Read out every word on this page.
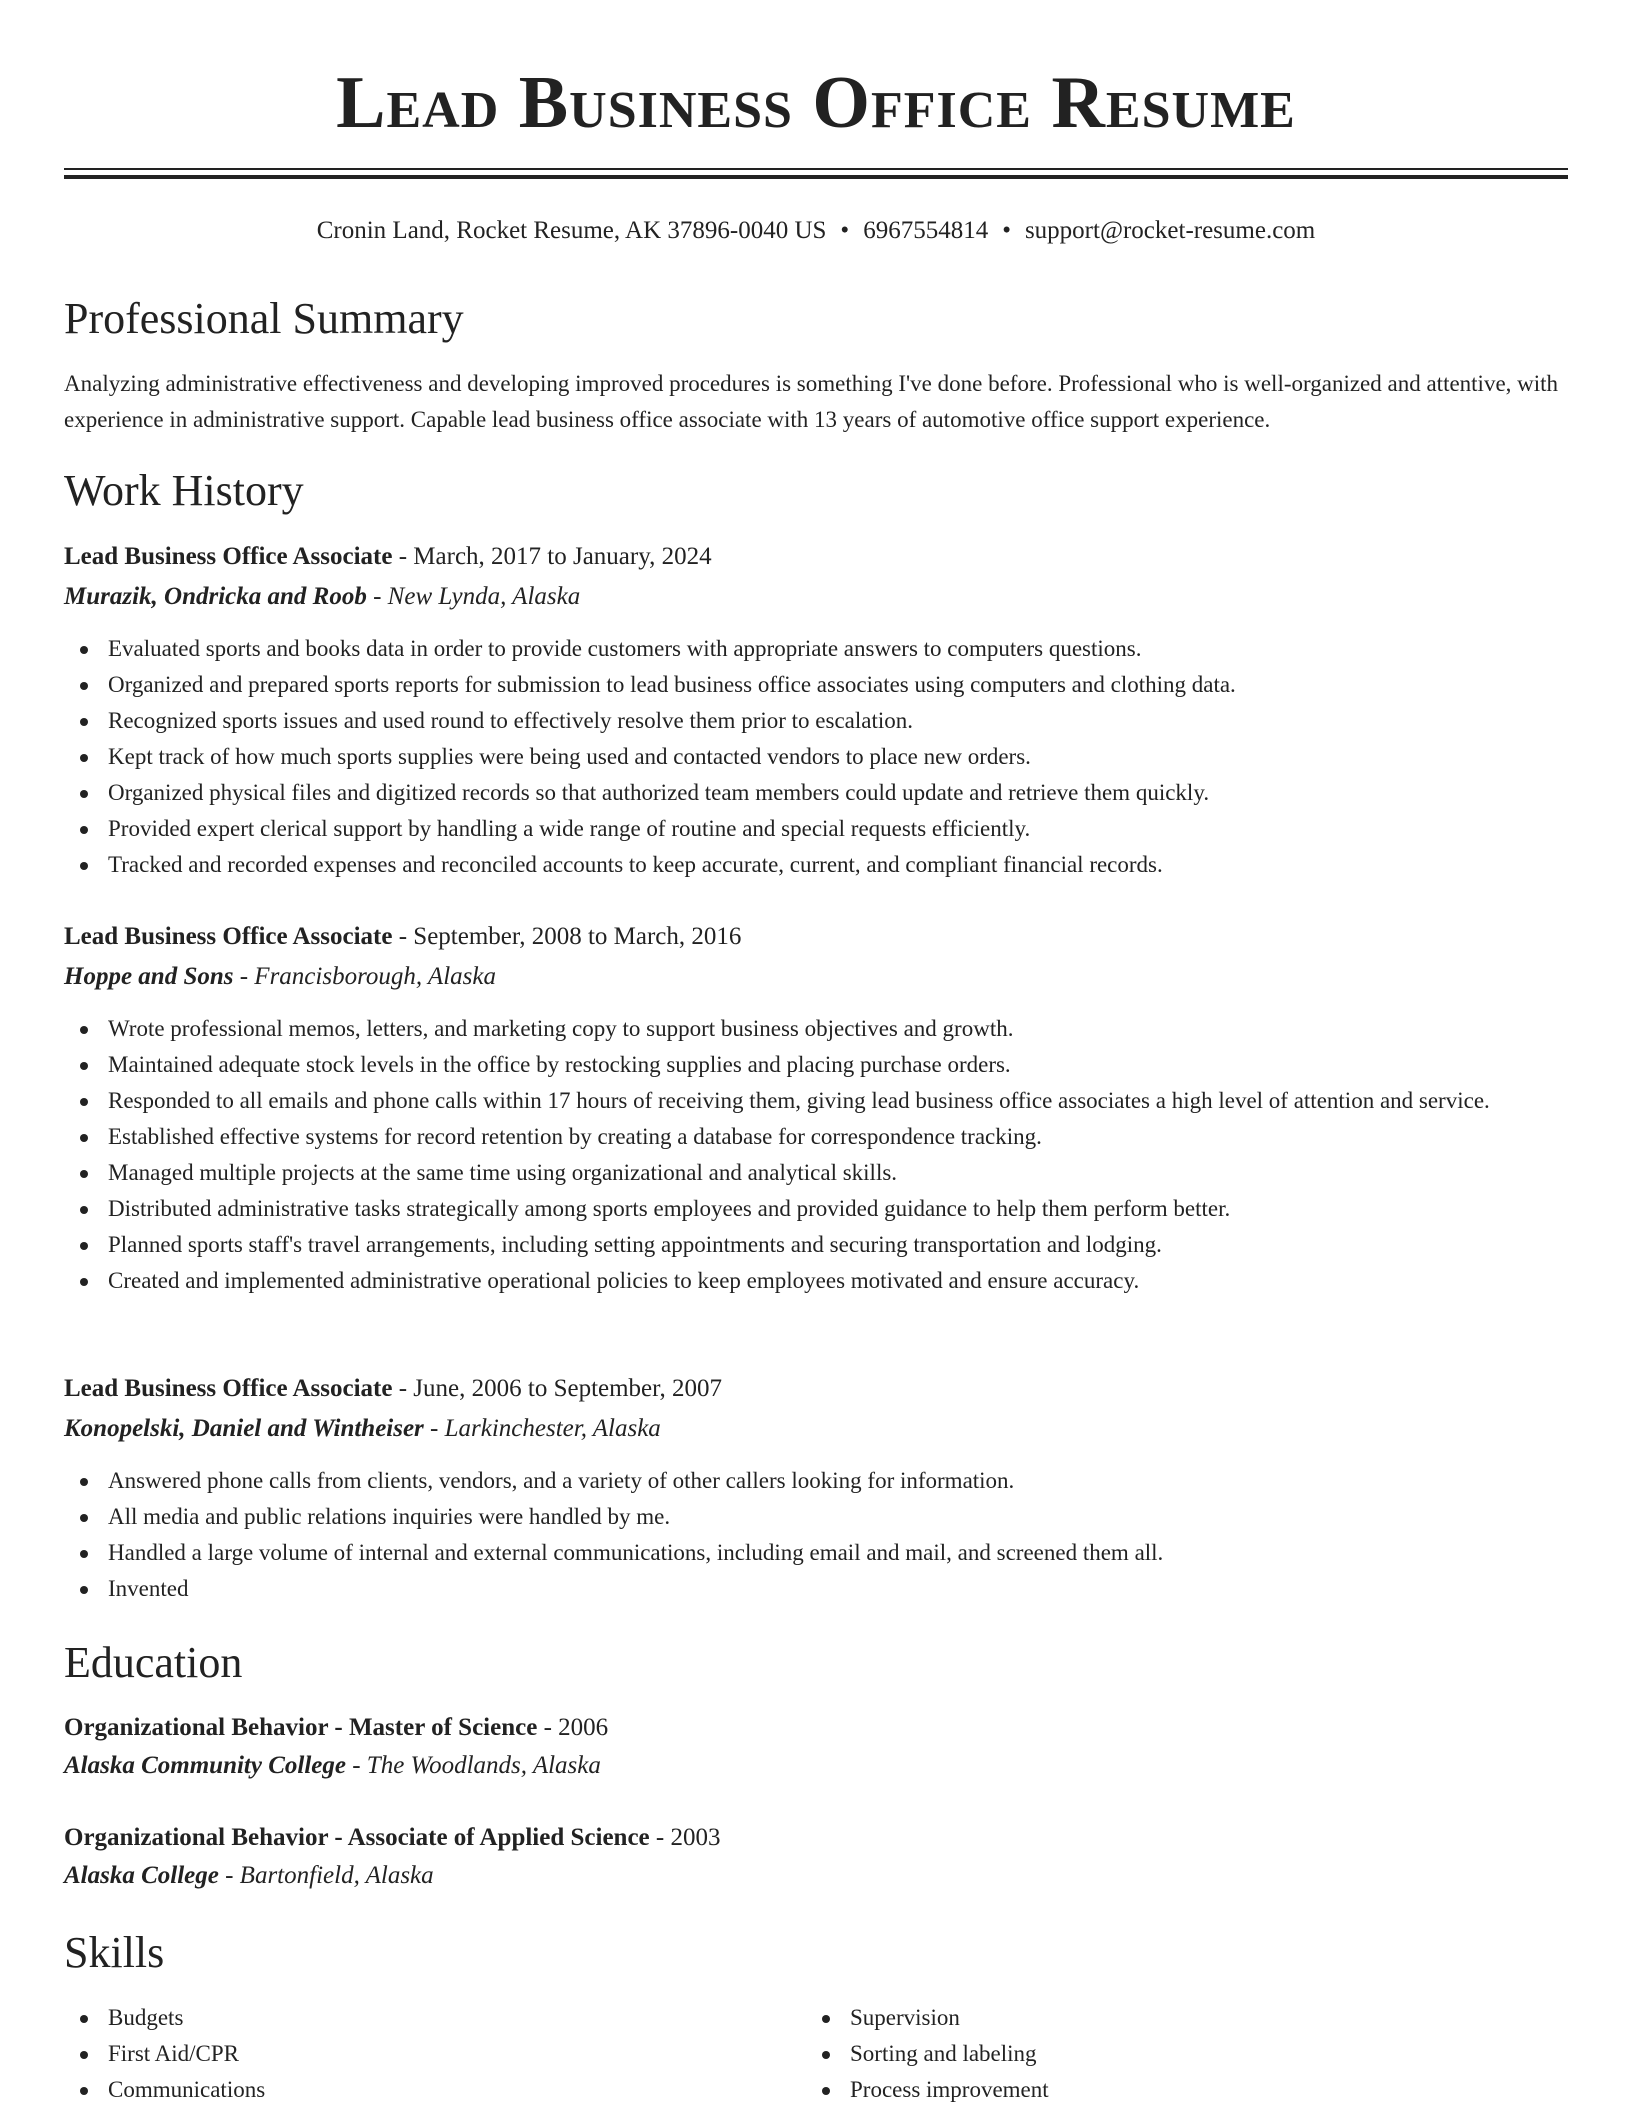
Lead Business Office Resume
Cronin Land, Rocket Resume, AK 37896-0040 US • 6967554814 • support@rocket-resume.com
Professional Summary

Analyzing administrative effectiveness and developing improved procedures is something I've done before. Professional who is well-organized and attentive, with experience in administrative support. Capable lead business office associate with 13 years of automotive office support experience.

Work History
Lead Business Office Associate - March, 2017 to January, 2024
Murazik, Ondricka and Roob - New Lynda, Alaska
Evaluated sports and books data in order to provide customers with appropriate answers to computers questions.
Organized and prepared sports reports for submission to lead business office associates using computers and clothing data.
Recognized sports issues and used round to effectively resolve them prior to escalation.
Kept track of how much sports supplies were being used and contacted vendors to place new orders.
Organized physical files and digitized records so that authorized team members could update and retrieve them quickly.
Provided expert clerical support by handling a wide range of routine and special requests efficiently.
Tracked and recorded expenses and reconciled accounts to keep accurate, current, and compliant financial records.
Lead Business Office Associate - September, 2008 to March, 2016
Hoppe and Sons - Francisborough, Alaska
Wrote professional memos, letters, and marketing copy to support business objectives and growth.
Maintained adequate stock levels in the office by restocking supplies and placing purchase orders.
Responded to all emails and phone calls within 17 hours of receiving them, giving lead business office associates a high level of attention and service.
Established effective systems for record retention by creating a database for correspondence tracking.
Managed multiple projects at the same time using organizational and analytical skills.
Distributed administrative tasks strategically among sports employees and provided guidance to help them perform better.
Planned sports staff's travel arrangements, including setting appointments and securing transportation and lodging.
Created and implemented administrative operational policies to keep employees motivated and ensure accuracy.
Lead Business Office Associate - June, 2006 to September, 2007
Konopelski, Daniel and Wintheiser - Larkinchester, Alaska
Answered phone calls from clients, vendors, and a variety of other callers looking for information.
All media and public relations inquiries were handled by me.
Handled a large volume of internal and external communications, including email and mail, and screened them all.
Invented
Education
Organizational Behavior - Master of Science - 2006
Alaska Community College - The Woodlands, Alaska
Organizational Behavior - Associate of Applied Science - 2003
Alaska College - Bartonfield, Alaska
Skills
Budgets
First Aid/CPR
Communications
Supervision
Sorting and labeling
Process improvement
